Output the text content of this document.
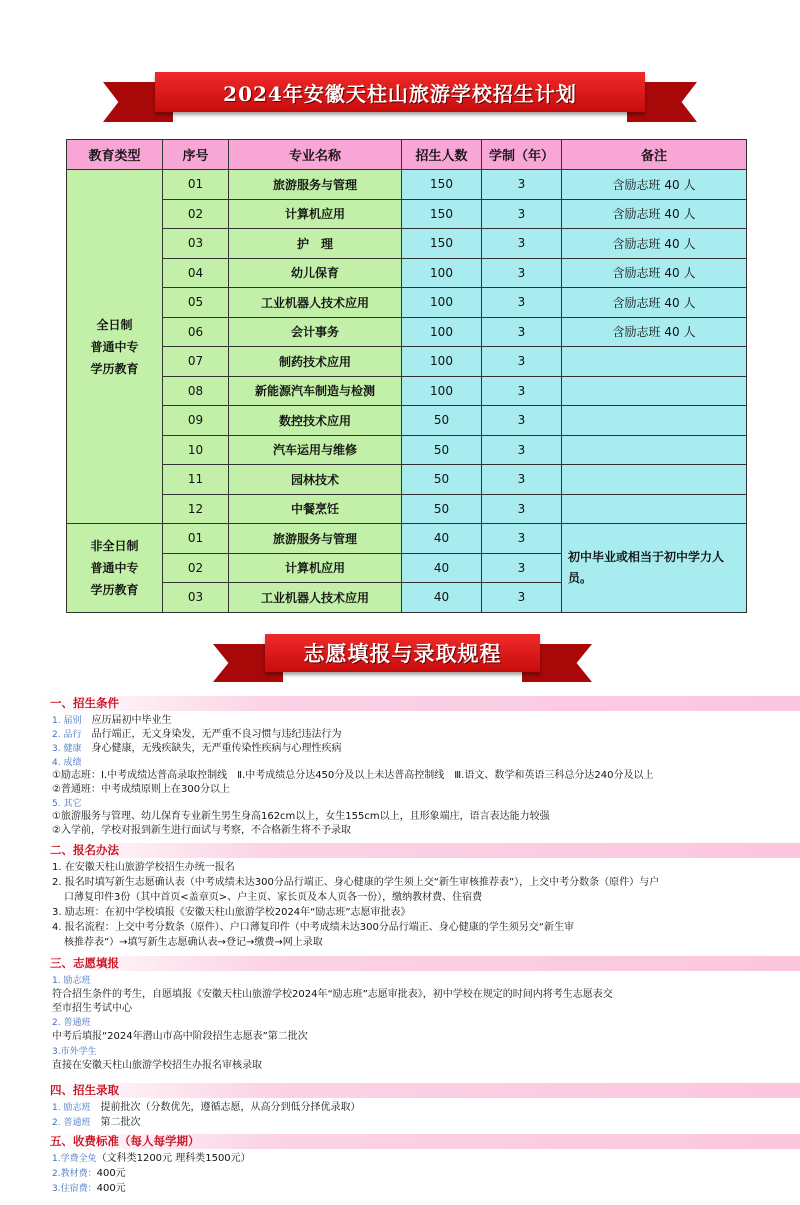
2024年安徽天柱山旅游学校招生计划
教育类型	序号	专业名称	招生人数	学制（年）	备注

全日制
普通中专
学历教育	01	旅游服务与管理	150	3	含励志班 40 人
	02	计算机应用	150	3	含励志班 40 人
	03	护　理	150	3	含励志班 40 人
	04	幼儿保育	100	3	含励志班 40 人
	05	工业机器人技术应用	100	3	含励志班 40 人
	06	会计事务	100	3	含励志班 40 人
	07	制药技术应用	100	3	
	08	新能源汽车制造与检测	100	3	
	09	数控技术应用	50	3	
	10	汽车运用与维修	50	3	
	11	园林技术	50	3	
	12	中餐烹饪	50	3	

非全日制
普通中专
学历教育	01	旅游服务与管理	40	3	初中毕业或相当于初中学力人员。
	02	计算机应用	40	3	
	03	工业机器人技术应用	40	3	
志愿填报与录取规程
一、招生条件
1. 届别　 应历届初中毕业生
2. 品行　 品行端正，无文身染发，无严重不良习惯与违纪违法行为
3. 健康　 身心健康，无残疾缺失，无严重传染性疾病与心理性疾病
4. 成绩
①励志班：Ⅰ.中考成绩达普高录取控制线　Ⅱ.中考成绩总分达450分及以上未达普高控制线　Ⅲ.语文、数学和英语三科总分达240分及以上
②普通班：中考成绩原则上在300分以上
5. 其它
①旅游服务与管理、幼儿保育专业新生男生身高162cm以上，女生155cm以上，且形象端庄，语言表达能力较强
②入学前，学校对报到新生进行面试与考察，不合格新生将不予录取
二、报名办法
1. 在安徽天柱山旅游学校招生办统一报名
2. 报名时填写新生志愿确认表（中考成绩未达300分品行端正、身心健康的学生须上交“新生审核推荐表”），上交中考分数条（原件）与户
口薄复印件3份（其中首页<盖章页>、户主页、家长页及本人页各一份），缴纳教材费、住宿费
3. 励志班：在初中学校填报《安徽天柱山旅游学校2024年“励志班”志愿审批表》
4. 报名流程：上交中考分数条（原件）、户口薄复印件（中考成绩未达300分品行端正、身心健康的学生须另交“新生审
核推荐表”）→填写新生志愿确认表→登记→缴费→网上录取
三、志愿填报
1. 励志班
符合招生条件的考生，自愿填报《安徽天柱山旅游学校2024年“励志班”志愿审批表》，初中学校在规定的时间内将考生志愿表交
至市招生考试中心
2. 普通班
中考后填报“2024年潜山市高中阶段招生志愿表”第二批次
3.市外学生
直接在安徽天柱山旅游学校招生办报名审核录取
四、招生录取
1. 励志班　 提前批次（分数优先，遵循志愿，从高分到低分择优录取）
2. 普通班　 第二批次
五、收费标准（每人每学期）
1.学费全免（文科类1200元 理科类1500元）
2.教材费：400元
3.住宿费：400元
